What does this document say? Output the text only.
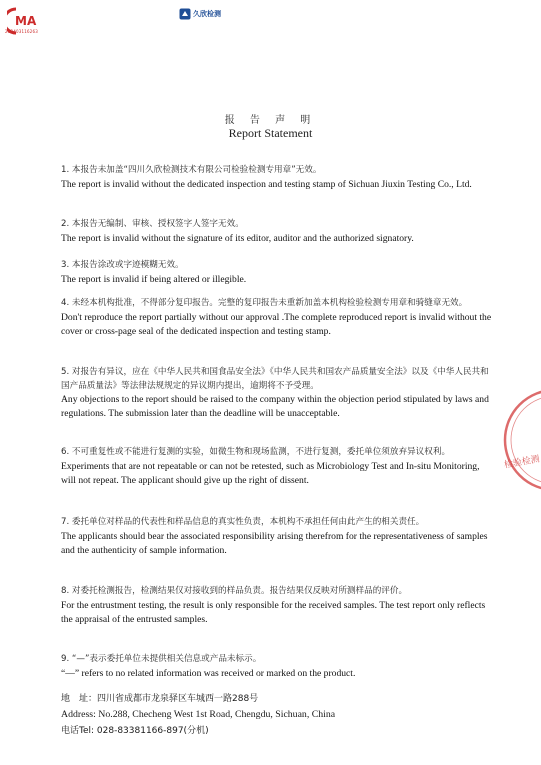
MA
202403116263
久欣检测
报 告 声 明
Report Statement
1. 本报告未加盖“四川久欣检测技术有限公司检验检测专用章”无效。
The report is invalid without the dedicated inspection and testing stamp of Sichuan Jiuxin Testing Co., Ltd.
2. 本报告无编制、审核、授权签字人签字无效。
The report is invalid without the signature of its editor, auditor and the authorized signatory.
3. 本报告涂改或字迹模糊无效。
The report is invalid if being altered or illegible.
4. 未经本机构批准，不得部分复印报告。完整的复印报告未重新加盖本机构检验检测专用章和骑缝章无效。
Don't reproduce the report partially without our approval .The complete reproduced report is invalid without the cover or cross-page seal of the dedicated inspection and testing stamp.
5. 对报告有异议，应在《中华人民共和国食品安全法》《中华人民共和国农产品质量安全法》以及《中华人民共和国产品质量法》等法律法规规定的异议期内提出，逾期将不予受理。
Any objections to the report should be raised to the company within the objection period stipulated by laws and regulations. The submission later than the deadline will be unacceptable.
6. 不可重复性或不能进行复测的实验，如微生物和现场监测，不进行复测，委托单位须放弃异议权利。
Experiments that are not repeatable or can not be retested, such as Microbiology Test and In-situ Monitoring, will not repeat. The applicant should give up the right of dissent.
7. 委托单位对样品的代表性和样品信息的真实性负责，本机构不承担任何由此产生的相关责任。
The applicants should bear the associated responsibility arising therefrom for the representativeness of samples and the authenticity of sample information.
8. 对委托检测报告，检测结果仅对接收到的样品负责。报告结果仅反映对所测样品的评价。
For the entrustment testing, the result is only responsible for the received samples. The test report only reflects the appraisal of the entrusted samples.
9. “—”表示委托单位未提供相关信息或产品未标示。
“—” refers to no related information was received or marked on the product.
地　址：四川省成都市龙泉驿区车城西一路288号
Address: No.288, Checheng West 1st Road, Chengdu, Sichuan, China
电话Tel: 028-83381166-897(分机)
检验检测
